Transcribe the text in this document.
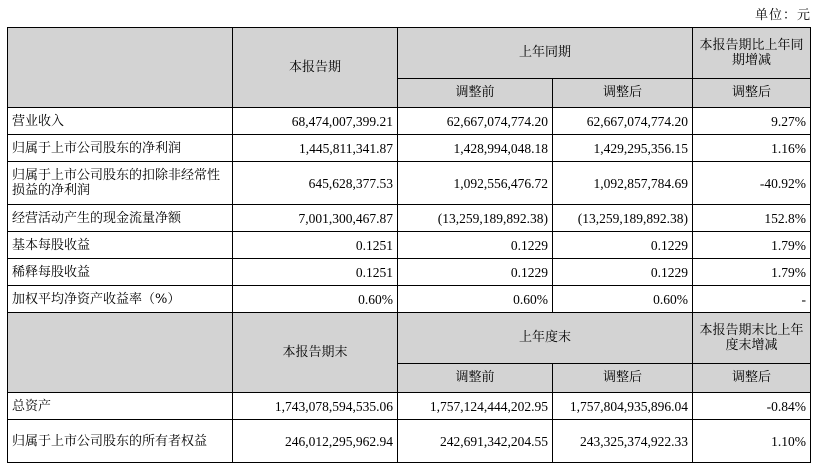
单位：元
	本报告期	上年同期		本报告期比上年同期增减
		调整前	调整后	调整后
营业收入	68,474,007,399.21	62,667,074,774.20	62,667,074,774.20	9.27%
归属于上市公司股东的净利润	1,445,811,341.87	1,428,994,048.18	1,429,295,356.15	1.16%
归属于上市公司股东的扣除非经常性损益的净利润	645,628,377.53	1,092,556,476.72	1,092,857,784.69	-40.92%
经营活动产生的现金流量净额	7,001,300,467.87	(13,259,189,892.38)	(13,259,189,892.38)	152.8%
基本每股收益	0.1251	0.1229	0.1229	1.79%
稀释每股收益	0.1251	0.1229	0.1229	1.79%
加权平均净资产收益率（%）	0.60%	0.60%	0.60%	-
	本报告期末	上年度末		本报告期末比上年度末增减
		调整前	调整后	调整后
总资产	1,743,078,594,535.06	1,757,124,444,202.95	1,757,804,935,896.04	-0.84%
归属于上市公司股东的所有者权益	246,012,295,962.94	242,691,342,204.55	243,325,374,922.33	1.10%
